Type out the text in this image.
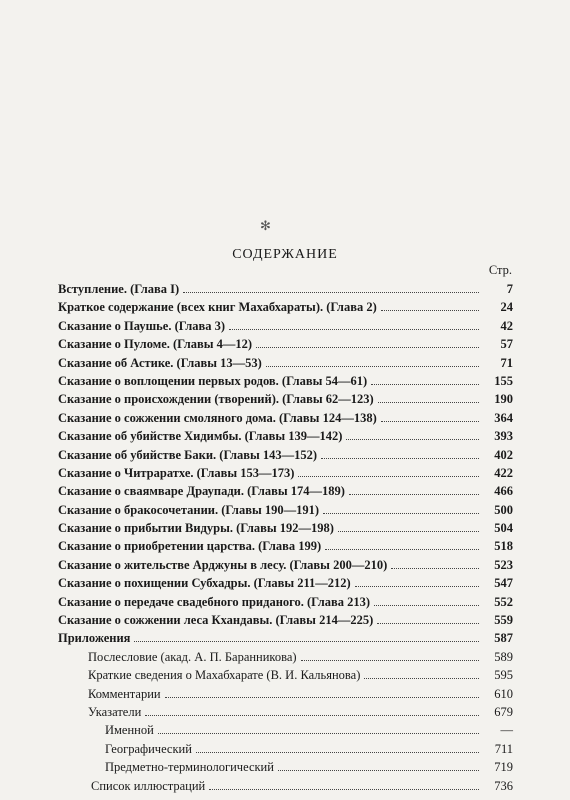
✻
СОДЕРЖАНИЕ
Стр.
Вступление. (Глава I)	7
Краткое содержание (всех книг Махабхараты). (Глава 2)	24
Сказание о Паушье. (Глава 3)	42
Сказание о Пуломе. (Главы 4—12)	57
Сказание об Астике. (Главы 13—53)	71
Сказание о воплощении первых родов. (Главы 54—61)	155
Сказание о происхождении (творений). (Главы 62—123)	190
Сказание о сожжении смоляного дома. (Главы 124—138)	364
Сказание об убийстве Хидимбы. (Главы 139—142)	393
Сказание об убийстве Баки. (Главы 143—152)	402
Сказание о Читраратхе. (Главы 153—173)	422
Сказание о сваямваре Драупади. (Главы 174—189)	466
Сказание о бракосочетании. (Главы 190—191)	500
Сказание о прибытии Видуры. (Главы 192—198)	504
Сказание о приобретении царства. (Глава 199)	518
Сказание о жительстве Арджуны в лесу. (Главы 200—210)	523
Сказание о похищении Субхадры. (Главы 211—212)	547
Сказание о передаче свадебного приданого. (Глава 213)	552
Сказание о сожжении леса Кхандавы. (Главы 214—225)	559
Приложения	587
Послесловие (акад. А. П. Баранникова)	589
Краткие сведения о Махабхарате (В. И. Кальянова)	595
Комментарии	610
Указатели	679
Именной	—
Географический	711
Предметно-терминологический	719
Список иллюстраций	736
